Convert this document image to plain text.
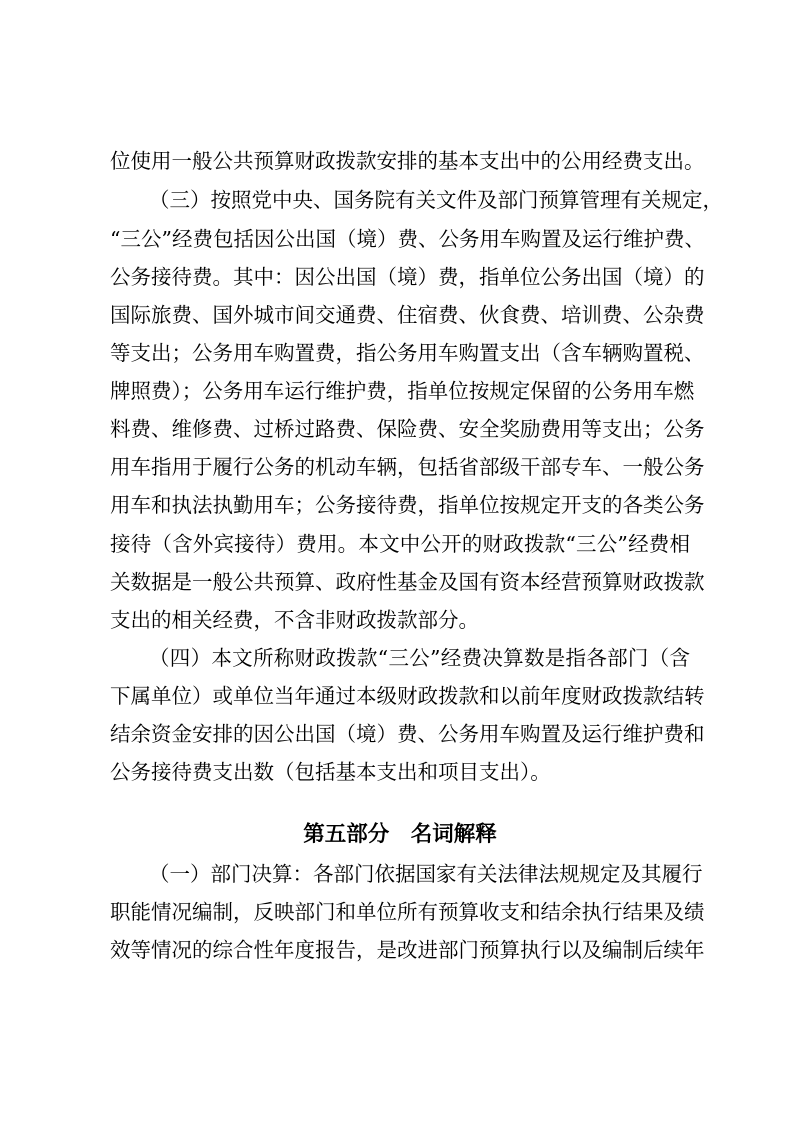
位使用一般公共预算财政拨款安排的基本支出中的公用经费支出。
（三）按照党中央、国务院有关文件及部门预算管理有关规定，
“三公”经费包括因公出国（境）费、公务用车购置及运行维护费、
公务接待费。其中：因公出国（境）费，指单位公务出国（境）的
国际旅费、国外城市间交通费、住宿费、伙食费、培训费、公杂费
等支出；公务用车购置费，指公务用车购置支出（含车辆购置税、
牌照费）；公务用车运行维护费，指单位按规定保留的公务用车燃
料费、维修费、过桥过路费、保险费、安全奖励费用等支出；公务
用车指用于履行公务的机动车辆，包括省部级干部专车、一般公务
用车和执法执勤用车；公务接待费，指单位按规定开支的各类公务
接待（含外宾接待）费用。本文中公开的财政拨款“三公”经费相
关数据是一般公共预算、政府性基金及国有资本经营预算财政拨款
支出的相关经费，不含非财政拨款部分。
（四）本文所称财政拨款“三公”经费决算数是指各部门（含
下属单位）或单位当年通过本级财政拨款和以前年度财政拨款结转
结余资金安排的因公出国（境）费、公务用车购置及运行维护费和
公务接待费支出数（包括基本支出和项目支出）。
第五部分　名词解释
（一）部门决算：各部门依据国家有关法律法规规定及其履行
职能情况编制，反映部门和单位所有预算收支和结余执行结果及绩
效等情况的综合性年度报告，是改进部门预算执行以及编制后续年
